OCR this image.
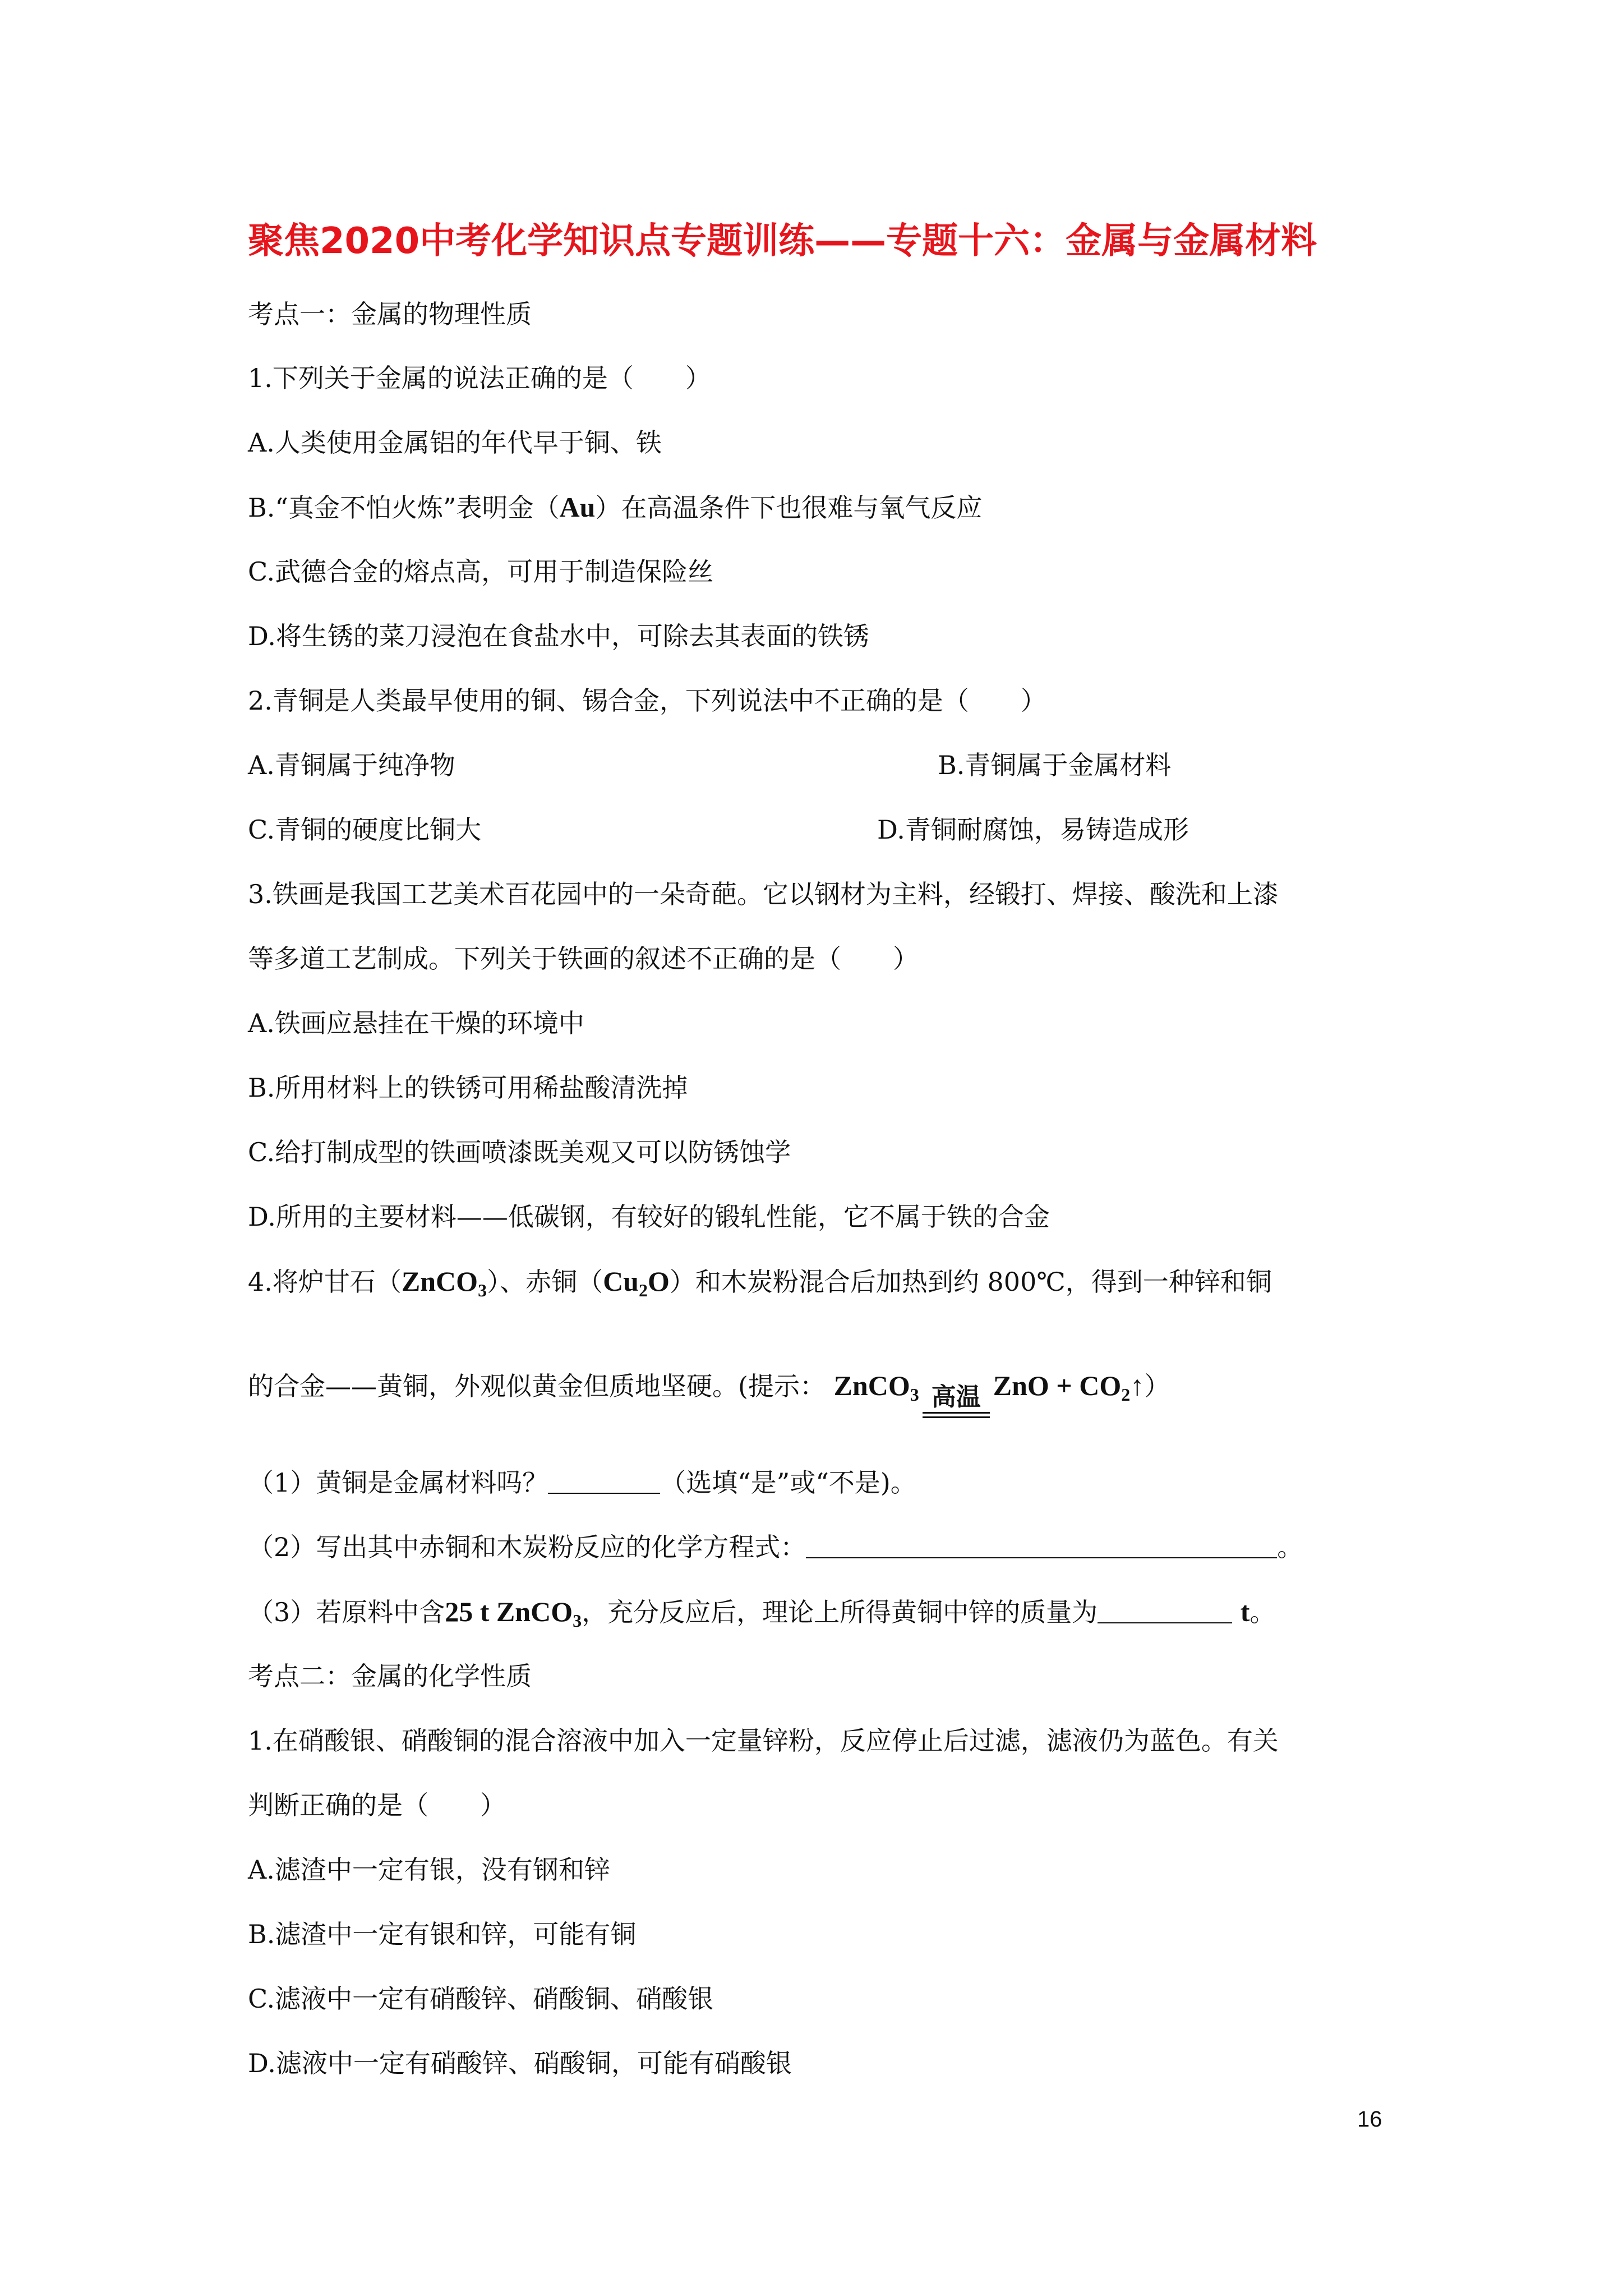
聚焦2020中考化学知识点专题训练——专题十六：金属与金属材料
考点一：金属的物理性质
1.下列关于金属的说法正确的是（　　）
A.人类使用金属铝的年代早于铜、铁
B.“真金不怕火炼”表明金（Au）在高温条件下也很难与氧气反应
C.武德合金的熔点高，可用于制造保险丝
D.将生锈的菜刀浸泡在食盐水中，可除去其表面的铁锈
2.青铜是人类最早使用的铜、锡合金，下列说法中不正确的是（　　）
A.青铜属于纯净物	B.青铜属于金属材料
C.青铜的硬度比铜大	D.青铜耐腐蚀，易铸造成形
3.铁画是我国工艺美术百花园中的一朵奇葩。它以钢材为主料，经锻打、焊接、酸洗和上漆
等多道工艺制成。下列关于铁画的叙述不正确的是（　　）
A.铁画应悬挂在干燥的环境中
B.所用材料上的铁锈可用稀盐酸清洗掉
C.给打制成型的铁画喷漆既美观又可以防锈蚀学
D.所用的主要材料——低碳钢，有较好的锻轧性能，它不属于铁的合金
4.将炉甘石（ZnCO$_3$）、赤铜$(Cu_2O)$和木炭粉混合后加热到约 800℃，得到一种锌和铜
的合金——黄铜，外观似黄金但质地坚硬。(提示： ZnCO$_3$ 高温 ZnO + $CO_2↑$）
（1）黄铜是金属材料吗？	（选填“是”或“不是)。
（2）写出其中赤铜和木炭粉反应的化学方程式：	。
（3）若原料中含25 t ZnCO$_3$，充分反应后，理论上所得黄铜中锌的质量为	t。
考点二：金属的化学性质
1.在硝酸银、硝酸铜的混合溶液中加入一定量锌粉，反应停止后过滤，滤液仍为蓝色。有关
判断正确的是（　　）
A.滤渣中一定有银，没有钢和锌
B.滤渣中一定有银和锌，可能有铜
C.滤液中一定有硝酸锌、硝酸铜、硝酸银
D.滤液中一定有硝酸锌、硝酸铜，可能有硝酸银
16
